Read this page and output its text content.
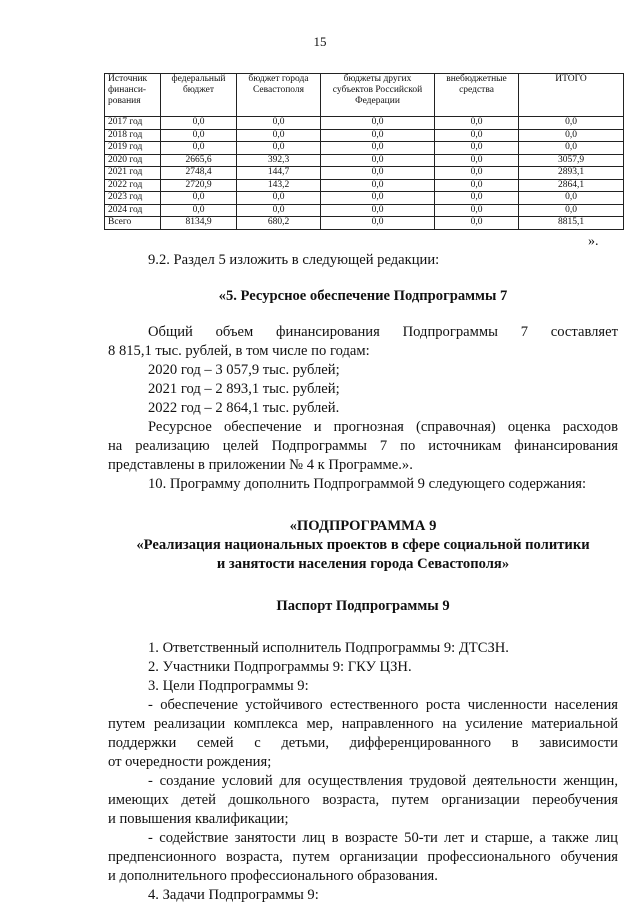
15
Источник финанси-рования	федеральный бюджет	бюджет города Севастополя	бюджеты других субъектов Российской Федерации	внебюджетные средства	ИТОГО
2017 год	0,0	0,0	0,0	0,0	0,0
2018 год	0,0	0,0	0,0	0,0	0,0
2019 год	0,0	0,0	0,0	0,0	0,0
2020 год	2665,6	392,3	0,0	0,0	3057,9
2021 год	2748,4	144,7	0,0	0,0	2893,1
2022 год	2720,9	143,2	0,0	0,0	2864,1
2023 год	0,0	0,0	0,0	0,0	0,0
2024 год	0,0	0,0	0,0	0,0	0,0
Всего	8134,9	680,2	0,0	0,0	8815,1
».
9.2. Раздел 5 изложить в следующей редакции:
«5. Ресурсное обеспечение Подпрограммы 7
Общий объем финансирования Подпрограммы 7 составляет
8 815,1 тыс. рублей, в том числе по годам:
2020 год – 3 057,9 тыс. рублей;
2021 год – 2 893,1 тыс. рублей;
2022 год – 2 864,1 тыс. рублей.
Ресурсное обеспечение и прогнозная (справочная) оценка расходов
на реализацию целей Подпрограммы 7 по источникам финансирования
представлены в приложении № 4 к Программе.».
10. Программу дополнить Подпрограммой 9 следующего содержания:
«ПОДПРОГРАММА 9
«Реализация национальных проектов в сфере социальной политики
и занятости населения города Севастополя»
Паспорт Подпрограммы 9
1. Ответственный исполнитель Подпрограммы 9: ДТСЗН.
2. Участники Подпрограммы 9: ГКУ ЦЗН.
3. Цели Подпрограммы 9:
- обеспечение устойчивого естественного роста численности населения
путем реализации комплекса мер, направленного на усиление материальной
поддержки семей с детьми, дифференцированного в зависимости
от очередности рождения;
- создание условий для осуществления трудовой деятельности женщин,
имеющих детей дошкольного возраста, путем организации переобучения
и повышения квалификации;
- содействие занятости лиц в возрасте 50-ти лет и старше, а также лиц
предпенсионного возраста, путем организации профессионального обучения
и дополнительного профессионального образования.
4. Задачи Подпрограммы 9:
